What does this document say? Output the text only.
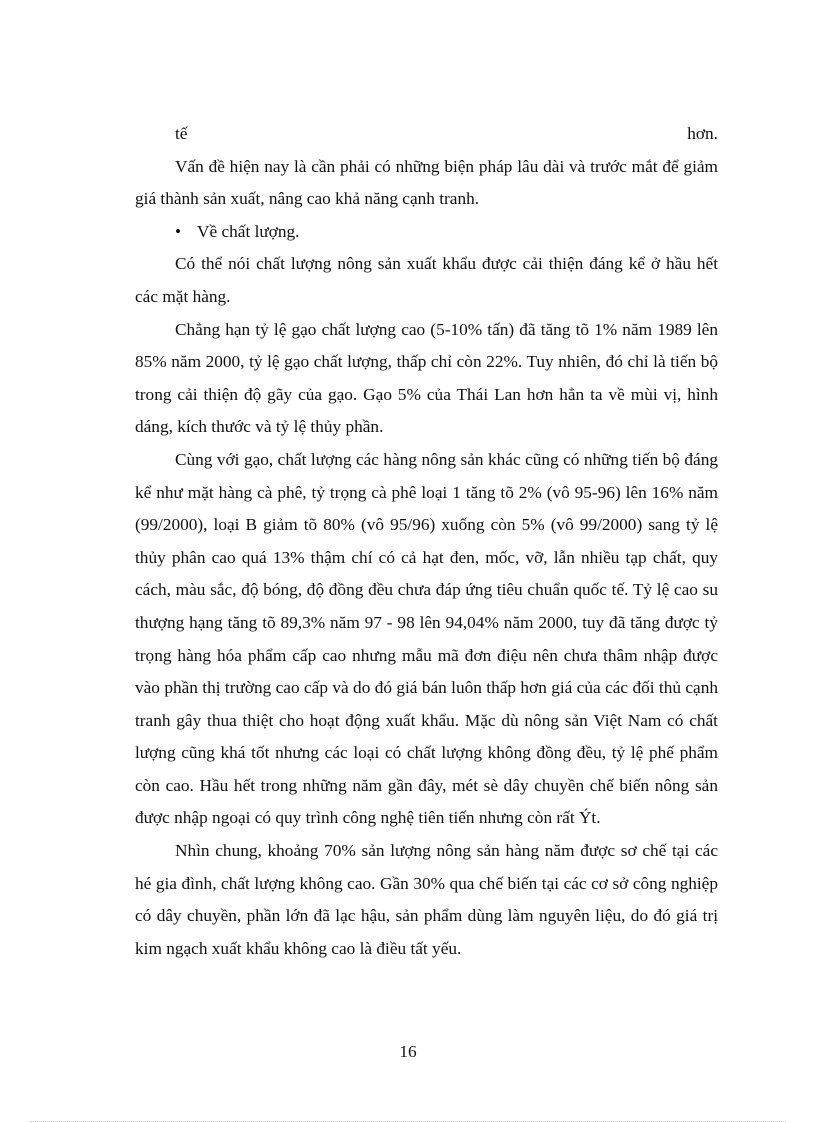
tế	hơn.

Vấn đề hiện nay là cần phải có những biện pháp lâu dài và trước mắt để giảm giá thành sản xuất, nâng cao khả năng cạnh tranh.

• Về chất lượng.

Có thể nói chất lượng nông sản xuất khẩu được cải thiện đáng kể ở hầu hết các mặt hàng.

Chẳng hạn tỷ lệ gạo chất lượng cao (5-10% tấn) đã tăng tõ 1% năm 1989 lên 85% năm 2000, tỷ lệ gạo chất lượng, thấp chỉ còn 22%. Tuy nhiên, đó chỉ là tiến bộ trong cải thiện độ gãy của gạo. Gạo 5% của Thái Lan hơn hẳn ta về mùi vị, hình dáng, kích thước và tỷ lệ thủy phần.

Cùng với gạo, chất lượng các hàng nông sản khác cũng có những tiến bộ đáng kể như mặt hàng cà phê, tỷ trọng cà phê loại 1 tăng tõ 2% (vô 95-96) lên 16% năm (99/2000), loại B giảm tõ 80% (vô 95/96) xuống còn 5% (vô 99/2000) sang tỷ lệ thủy phân cao quá 13% thậm chí có cả hạt đen, mốc, vỡ, lẫn nhiều tạp chất, quy cách, màu sắc, độ bóng, độ đồng đều chưa đáp ứng tiêu chuẩn quốc tế. Tỷ lệ cao su thượng hạng tăng tõ 89,3% năm 97 - 98 lên 94,04% năm 2000, tuy đã tăng được tỷ trọng hàng hóa phẩm cấp cao nhưng mẫu mã đơn điệu nên chưa thâm nhập được vào phần thị trường cao cấp và do đó giá bán luôn thấp hơn giá của các đối thủ cạnh tranh gây thua thiệt cho hoạt động xuất khẩu. Mặc dù nông sản Việt Nam có chất lượng cũng khá tốt nhưng các loại có chất lượng không đồng đều, tỷ lệ phế phẩm còn cao. Hầu hết trong những năm gần đây, mét sè dây chuyền chế biến nông sản được nhập ngoại có quy trình công nghệ tiên tiến nhưng còn rất Ýt.

Nhìn chung, khoảng 70% sản lượng nông sản hàng năm được sơ chế tại các hé gia đình, chất lượng không cao. Gần 30% qua chế biến tại các cơ sở công nghiệp có dây chuyền, phần lớn đã lạc hậu, sản phẩm dùng làm nguyên liệu, do đó giá trị kim ngạch xuất khẩu không cao là điều tất yếu.

16
